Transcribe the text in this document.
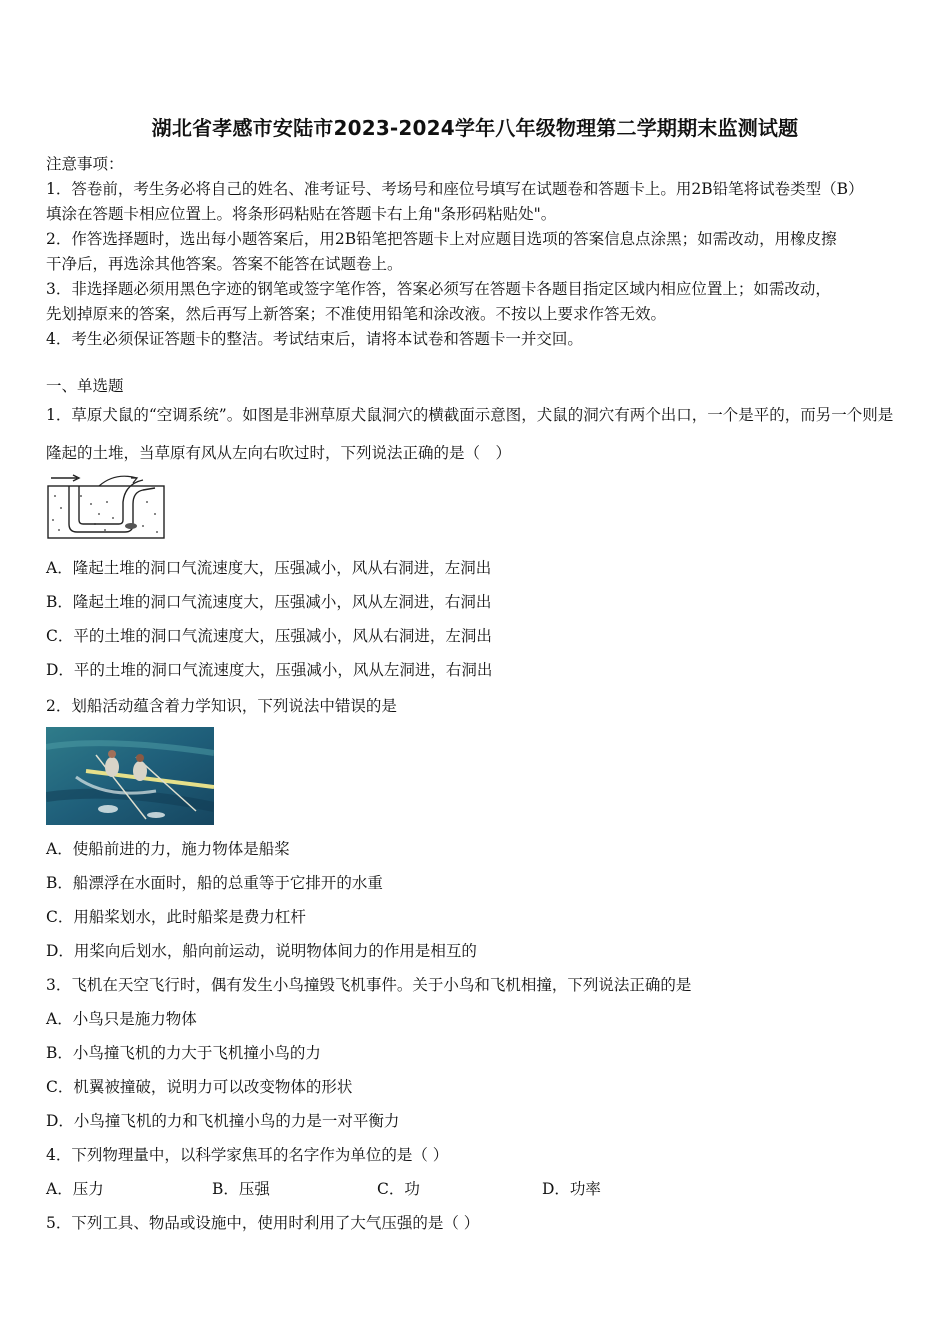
湖北省孝感市安陆市2023-2024学年八年级物理第二学期期末监测试题
注意事项：
1．答卷前，考生务必将自己的姓名、准考证号、考场号和座位号填写在试题卷和答题卡上。用2B铅笔将试卷类型（B）
填涂在答题卡相应位置上。将条形码粘贴在答题卡右上角"条形码粘贴处"。
2．作答选择题时，选出每小题答案后，用2B铅笔把答题卡上对应题目选项的答案信息点涂黑；如需改动，用橡皮擦
干净后，再选涂其他答案。答案不能答在试题卷上。
3．非选择题必须用黑色字迹的钢笔或签字笔作答，答案必须写在答题卡各题目指定区域内相应位置上；如需改动，
先划掉原来的答案，然后再写上新答案；不准使用铅笔和涂改液。不按以上要求作答无效。
4．考生必须保证答题卡的整洁。考试结束后，请将本试卷和答题卡一并交回。
一、单选题
1．草原犬鼠的“空调系统”。如图是非洲草原犬鼠洞穴的横截面示意图，犬鼠的洞穴有两个出口，一个是平的，而另一个则是隆起的土堆，当草原有风从左向右吹过时，下列说法正确的是（　）
A．隆起土堆的洞口气流速度大，压强减小，风从右洞进，左洞出
B．隆起土堆的洞口气流速度大，压强减小，风从左洞进，右洞出
C．平的土堆的洞口气流速度大，压强减小，风从右洞进，左洞出
D．平的土堆的洞口气流速度大，压强减小，风从左洞进，右洞出
2．划船活动蕴含着力学知识，下列说法中错误的是
A．使船前进的力，施力物体是船桨
B．船漂浮在水面时，船的总重等于它排开的水重
C．用船桨划水，此时船桨是费力杠杆
D．用桨向后划水，船向前运动，说明物体间力的作用是相互的
3．飞机在天空飞行时，偶有发生小鸟撞毁飞机事件。关于小鸟和飞机相撞，下列说法正确的是
A．小鸟只是施力物体
B．小鸟撞飞机的力大于飞机撞小鸟的力
C．机翼被撞破，说明力可以改变物体的形状
D．小鸟撞飞机的力和飞机撞小鸟的力是一对平衡力
4．下列物理量中，以科学家焦耳的名字作为单位的是（ ）
A．压力	B．压强	C．功	D．功率
5．下列工具、物品或设施中，使用时利用了大气压强的是（ ）
